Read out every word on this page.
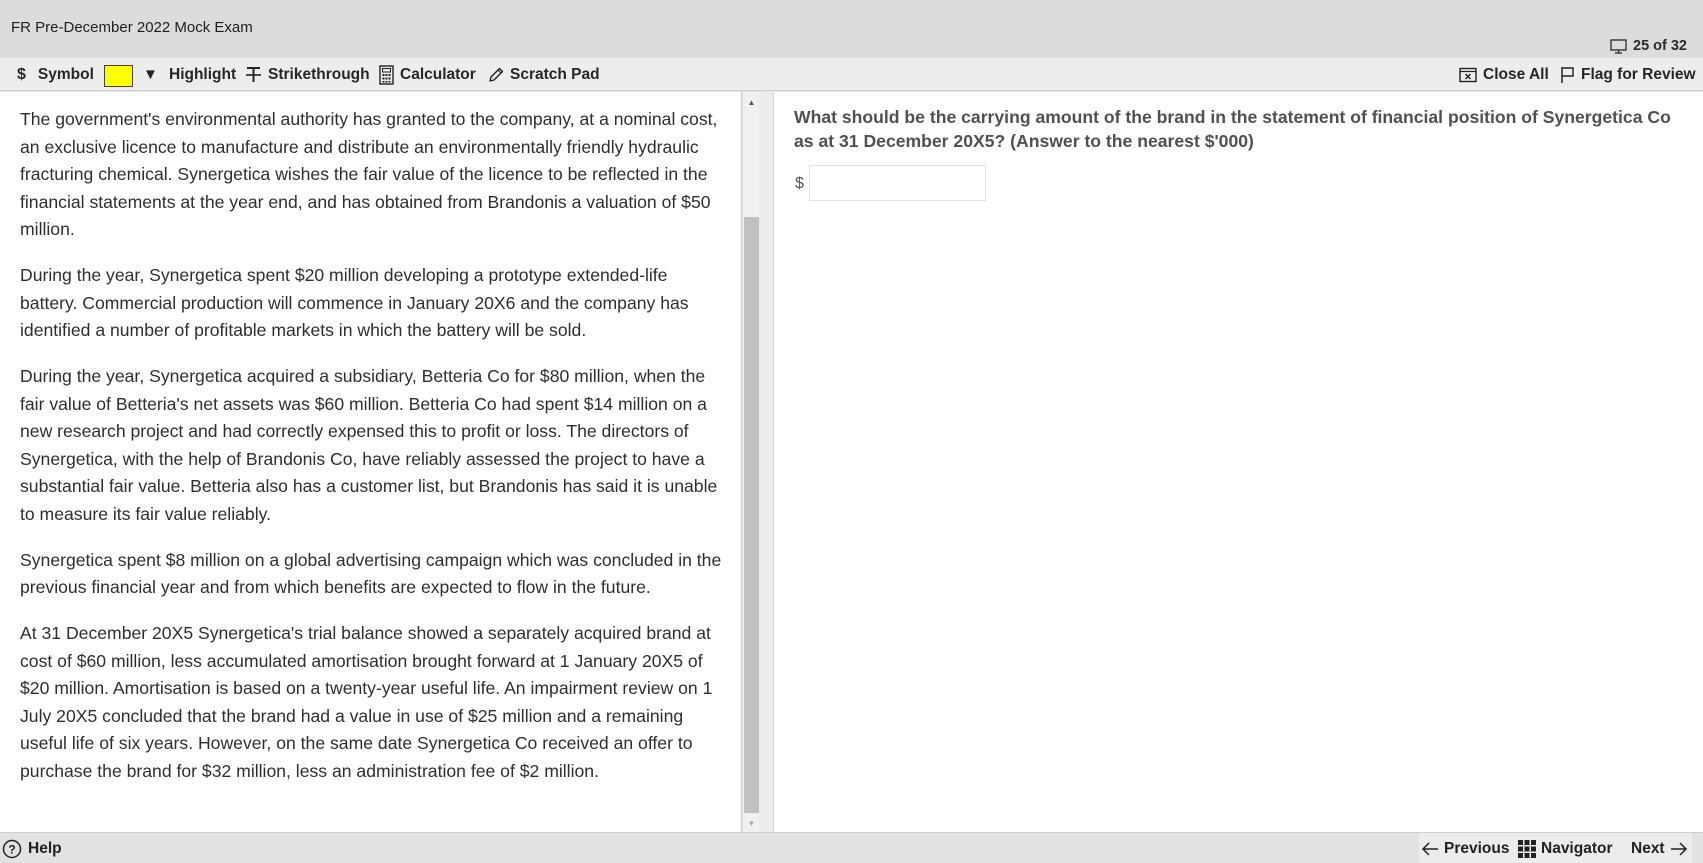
FR Pre-December 2022 Mock Exam
25 of 32
$ Symbol	Highlight Strikethrough Calculator Scratch Pad	Close All Flag for Review
▼

The government's environmental authority has granted to the company, at a nominal cost, an exclusive licence to manufacture and distribute an environmentally friendly hydraulic fracturing chemical. Synergetica wishes the fair value of the licence to be reflected in the financial statements at the year end, and has obtained from Brandonis a valuation of $50 million.

During the year, Synergetica spent $20 million developing a prototype extended-life battery. Commercial production will commence in January 20X6 and the company has identified a number of profitable markets in which the battery will be sold.

During the year, Synergetica acquired a subsidiary, Betteria Co for $80 million, when the fair value of Betteria's net assets was $60 million. Betteria Co had spent $14 million on a new research project and had correctly expensed this to profit or loss. The directors of Synergetica, with the help of Brandonis Co, have reliably assessed the project to have a substantial fair value. Betteria also has a customer list, but Brandonis has said it is unable to measure its fair value reliably.

Synergetica spent $8 million on a global advertising campaign which was concluded in the previous financial year and from which benefits are expected to flow in the future.

At 31 December 20X5 Synergetica's trial balance showed a separately acquired brand at cost of $60 million, less accumulated amortisation brought forward at 1 January 20X5 of $20 million. Amortisation is based on a twenty-year useful life. An impairment review on 1 July 20X5 concluded that the brand had a value in use of $25 million and a remaining useful life of six years. However, on the same date Synergetica Co received an offer to purchase the brand for $32 million, less an administration fee of $2 million.

▲
▼
What should be the carrying amount of the brand in the statement of financial position of Synergetica Co as at 31 December 20X5? (Answer to the nearest $'000)
$
? Help	Previous Navigator Next
